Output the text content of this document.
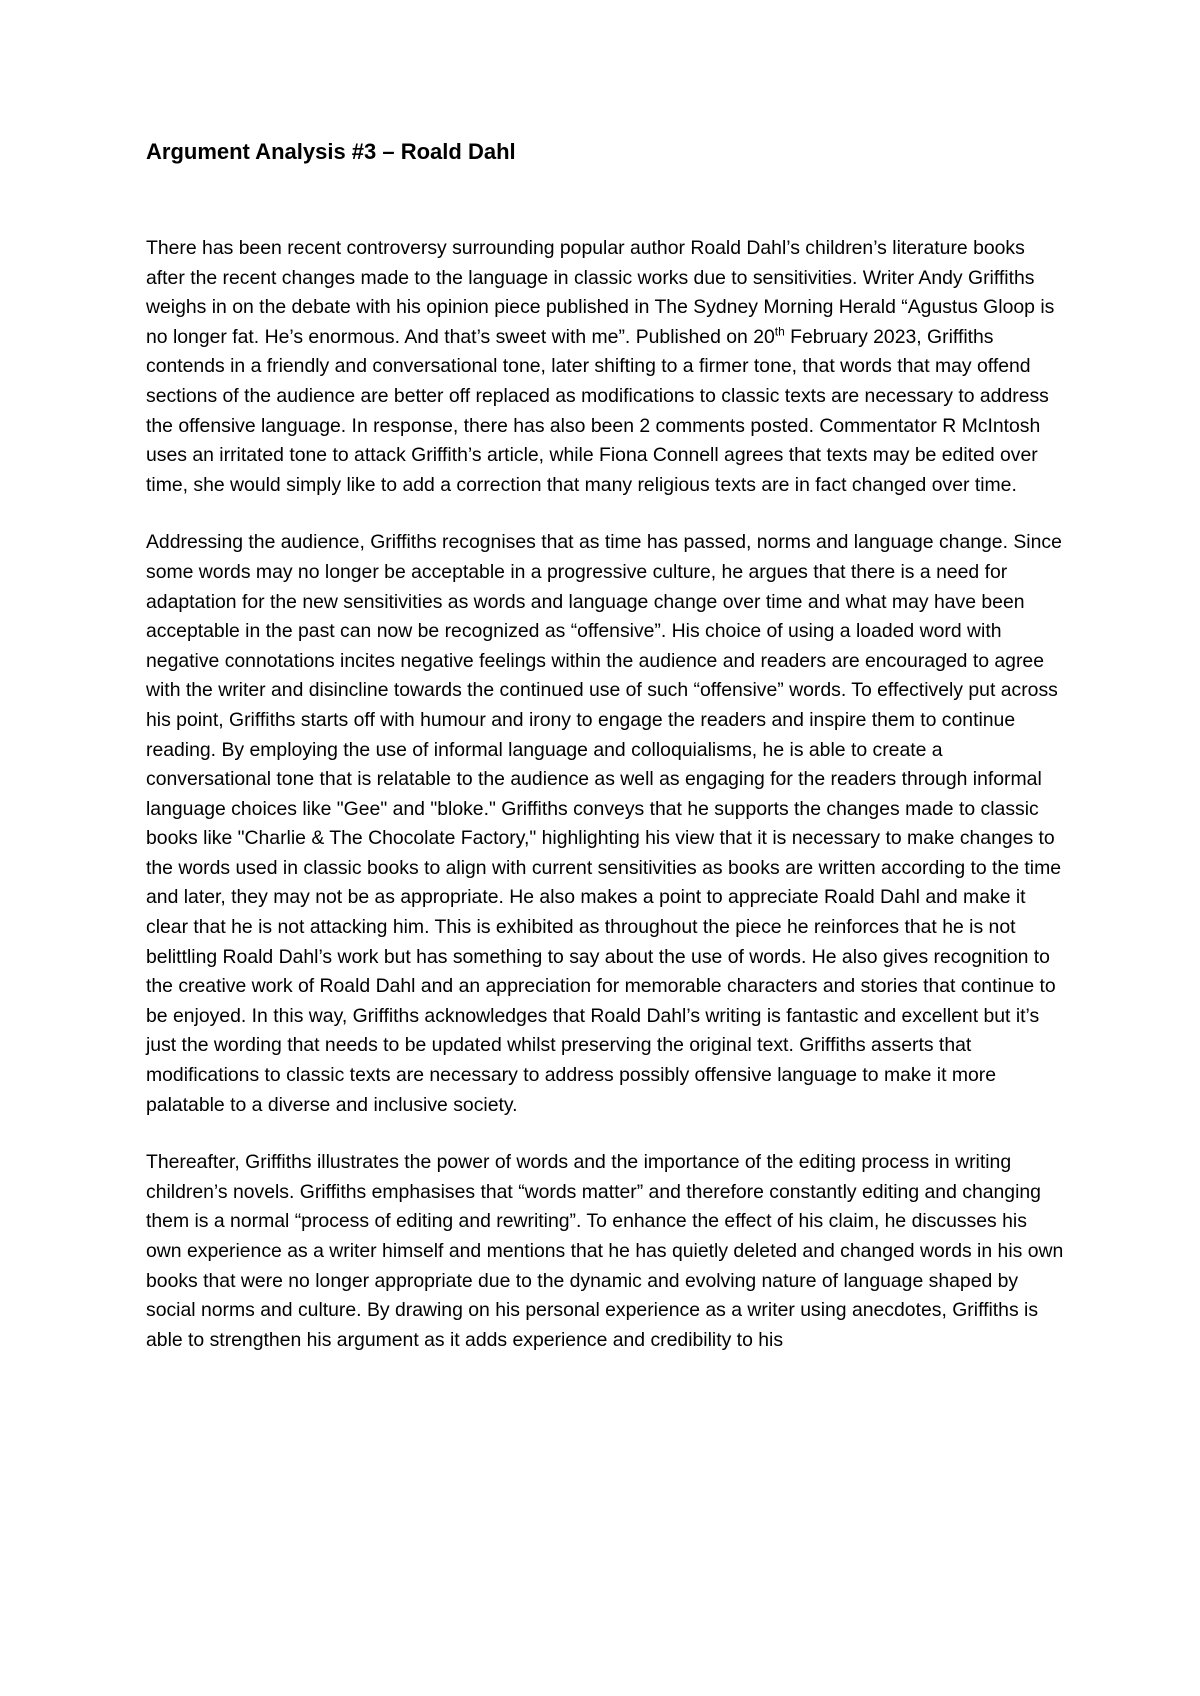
Argument Analysis #3 – Roald Dahl

There has been recent controversy surrounding popular author Roald Dahl’s children’s literature books after the recent changes made to the language in classic works due to sensitivities. Writer Andy Griffiths weighs in on the debate with his opinion piece published in The Sydney Morning Herald “Agustus Gloop is no longer fat. He’s enormous. And that’s sweet with me”. Published on 20th February 2023, Griffiths contends in a friendly and conversational tone, later shifting to a firmer tone, that words that may offend sections of the audience are better off replaced as modifications to classic texts are necessary to address the offensive language. In response, there has also been 2 comments posted. Commentator R McIntosh uses an irritated tone to attack Griffith’s article, while Fiona Connell agrees that texts may be edited over time, she would simply like to add a correction that many religious texts are in fact changed over time.

Addressing the audience, Griffiths recognises that as time has passed, norms and language change. Since some words may no longer be acceptable in a progressive culture, he argues that there is a need for adaptation for the new sensitivities as words and language change over time and what may have been acceptable in the past can now be recognized as “offensive”. His choice of using a loaded word with negative connotations incites negative feelings within the audience and readers are encouraged to agree with the writer and disincline towards the continued use of such “offensive” words. To effectively put across his point, Griffiths starts off with humour and irony to engage the readers and inspire them to continue reading. By employing the use of informal language and colloquialisms, he is able to create a conversational tone that is relatable to the audience as well as engaging for the readers through informal language choices like "Gee" and "bloke." Griffiths conveys that he supports the changes made to classic books like "Charlie & The Chocolate Factory," highlighting his view that it is necessary to make changes to the words used in classic books to align with current sensitivities as books are written according to the time and later, they may not be as appropriate. He also makes a point to appreciate Roald Dahl and make it clear that he is not attacking him. This is exhibited as throughout the piece he reinforces that he is not belittling Roald Dahl’s work but has something to say about the use of words. He also gives recognition to the creative work of Roald Dahl and an appreciation for memorable characters and stories that continue to be enjoyed. In this way, Griffiths acknowledges that Roald Dahl’s writing is fantastic and excellent but it’s just the wording that needs to be updated whilst preserving the original text. Griffiths asserts that modifications to classic texts are necessary to address possibly offensive language to make it more palatable to a diverse and inclusive society.

Thereafter, Griffiths illustrates the power of words and the importance of the editing process in writing children’s novels. Griffiths emphasises that “words matter” and therefore constantly editing and changing them is a normal “process of editing and rewriting”. To enhance the effect of his claim, he discusses his own experience as a writer himself and mentions that he has quietly deleted and changed words in his own books that were no longer appropriate due to the dynamic and evolving nature of language shaped by social norms and culture. By drawing on his personal experience as a writer using anecdotes, Griffiths is able to strengthen his argument as it adds experience and credibility to his
